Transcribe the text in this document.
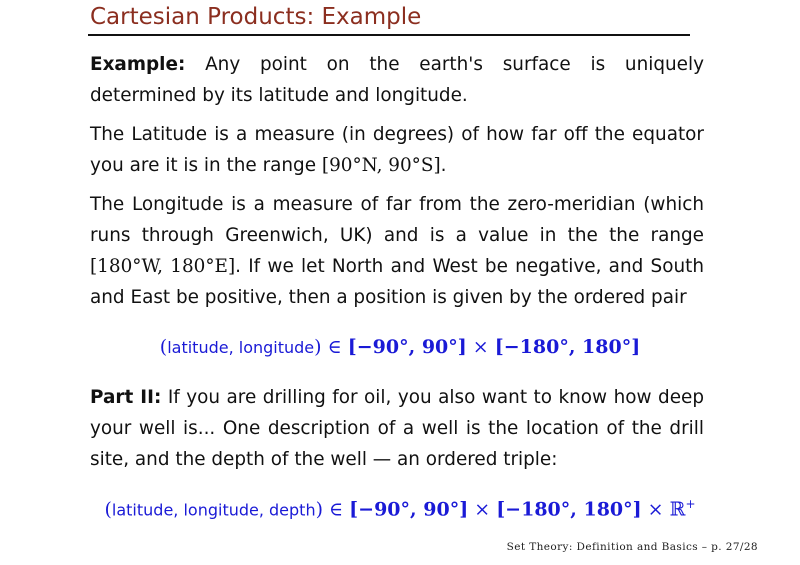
Cartesian Products: Example
Example: Any point on the earth's surface is uniquely determined by its latitude and longitude.
The Latitude is a measure (in degrees) of how far off the equator you are it is in the range [90°N, 90°S].
The Longitude is a measure of far from the zero-meridian (which runs through Greenwich, UK) and is a value in the the range [180°W, 180°E]. If we let North and West be negative, and South and East be positive, then a position is given by the ordered pair
(latitude, longitude) ∈ [−90°, 90°] × [−180°, 180°]
Part II: If you are drilling for oil, you also want to know how deep your well is... One description of a well is the location of the drill site, and the depth of the well — an ordered triple:
(latitude, longitude, depth) ∈ [−90°, 90°] × [−180°, 180°] × ℝ+
Set Theory: Definition and Basics – p. 27/28
